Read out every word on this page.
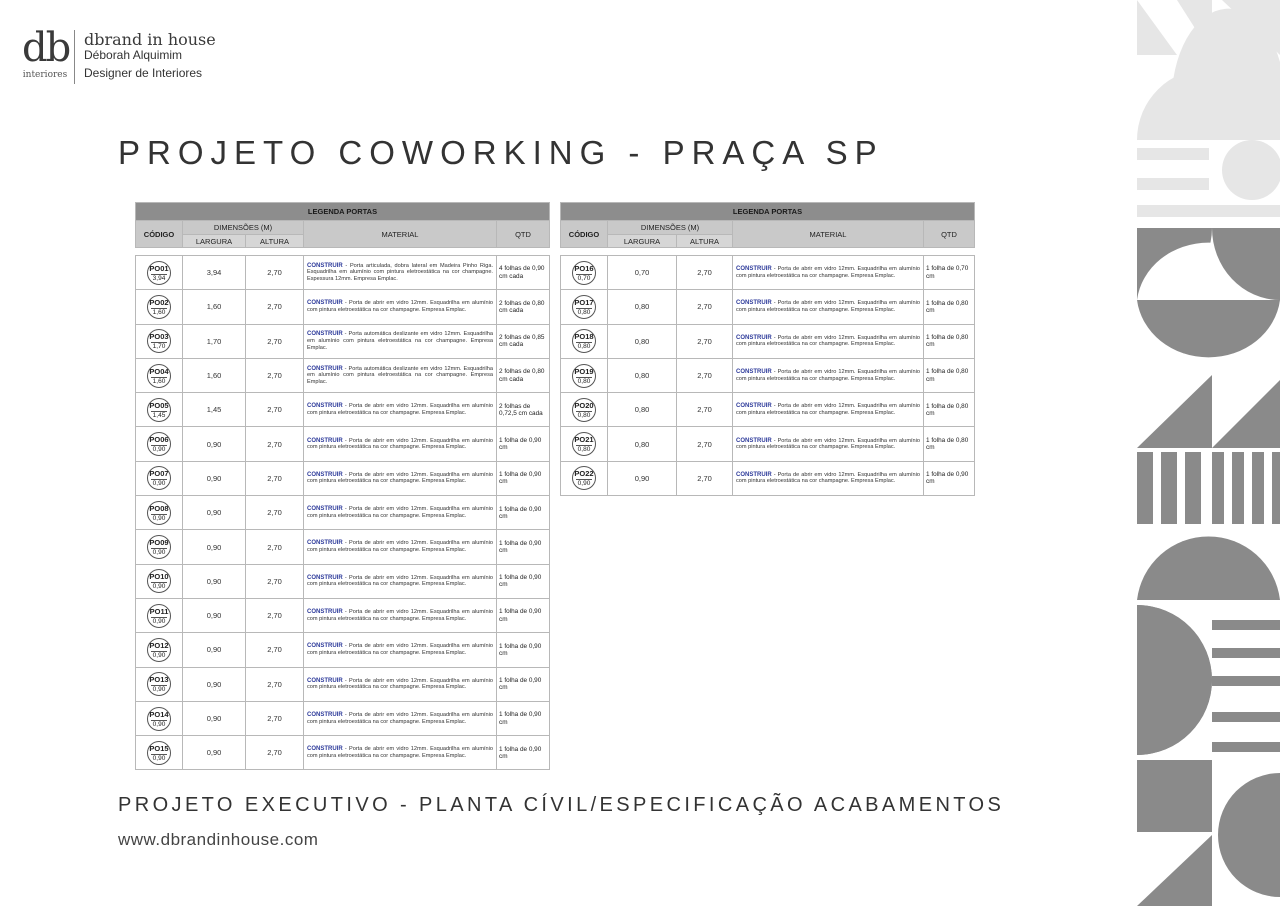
db
interiores
dbrand in house
Déborah Alquimim
Designer de Interiores
PROJETO COWORKING - PRAÇA SP
LEGENDA PORTAS				
CÓDIGO	DIMENSÕES (M)		MATERIAL	QTD
	LARGURA	ALTURA		

$\frac{PO01}{3,94}$	3,94	2,70	CONSTRUIR - Porta articulada, dobra lateral em Madeira Pinho Riga. Esquadrilha em alumínio com pintura eletroestática na cor champagne. Espessura 12mm. Empresa Emplac.	4 folhas de 0,90 cm cada

$\frac{PO02}{1,60}$	1,60	2,70	CONSTRUIR - Porta de abrir em vidro 12mm. Esquadrilha em alumínio com pintura eletroestática na cor champagne. Empresa Emplac.	2 folhas de 0,80 cm cada

$\frac{PO03}{1,70}$	1,70	2,70	CONSTRUIR - Porta automática deslizante em vidro 12mm. Esquadrilha em alumínio com pintura eletroestática na cor champagne. Empresa Emplac.	2 folhas de 0,85 cm cada

$\frac{PO04}{1,60}$	1,60	2,70	CONSTRUIR - Porta automática deslizante em vidro 12mm. Esquadrilha em alumínio com pintura eletroestática na cor champagne. Empresa Emplac.	2 folhas de 0,80 cm cada

$\frac{PO05}{1,45}$	1,45	2,70	CONSTRUIR - Porta de abrir em vidro 12mm. Esquadrilha em alumínio com pintura eletroestática na cor champagne. Empresa Emplac.	2 folhas de 0,72,5 cm cada

$\frac{PO06}{0,90}$	0,90	2,70	CONSTRUIR - Porta de abrir em vidro 12mm. Esquadrilha em alumínio com pintura eletroestática na cor champagne. Empresa Emplac.	1 folha de 0,90 cm

$\frac{PO07}{0,90}$	0,90	2,70	CONSTRUIR - Porta de abrir em vidro 12mm. Esquadrilha em alumínio com pintura eletroestática na cor champagne. Empresa Emplac.	1 folha de 0,90 cm

$\frac{PO08}{0,90}$	0,90	2,70	CONSTRUIR - Porta de abrir em vidro 12mm. Esquadrilha em alumínio com pintura eletroestática na cor champagne. Empresa Emplac.	1 folha de 0,90 cm

$\frac{PO09}{0,90}$	0,90	2,70	CONSTRUIR - Porta de abrir em vidro 12mm. Esquadrilha em alumínio com pintura eletroestática na cor champagne. Empresa Emplac.	1 folha de 0,90 cm

$\frac{PO10}{0,90}$	0,90	2,70	CONSTRUIR - Porta de abrir em vidro 12mm. Esquadrilha em alumínio com pintura eletroestática na cor champagne. Empresa Emplac.	1 folha de 0,90 cm

$\frac{PO11}{0,90}$	0,90	2,70	CONSTRUIR - Porta de abrir em vidro 12mm. Esquadrilha em alumínio com pintura eletroestática na cor champagne. Empresa Emplac.	1 folha de 0,90 cm

$\frac{PO12}{0,90}$	0,90	2,70	CONSTRUIR - Porta de abrir em vidro 12mm. Esquadrilha em alumínio com pintura eletroestática na cor champagne. Empresa Emplac.	1 folha de 0,90 cm

$\frac{PO13}{0,90}$	0,90	2,70	CONSTRUIR - Porta de abrir em vidro 12mm. Esquadrilha em alumínio com pintura eletroestática na cor champagne. Empresa Emplac.	1 folha de 0,90 cm

$\frac{PO14}{0,90}$	0,90	2,70	CONSTRUIR - Porta de abrir em vidro 12mm. Esquadrilha em alumínio com pintura eletroestática na cor champagne. Empresa Emplac.	1 folha de 0,90 cm

$\frac{PO15}{0,90}$	0,90	2,70	CONSTRUIR - Porta de abrir em vidro 12mm. Esquadrilha em alumínio com pintura eletroestática na cor champagne. Empresa Emplac.	1 folha de 0,90 cm
LEGENDA PORTAS				
CÓDIGO	DIMENSÕES (M)		MATERIAL	QTD
	LARGURA	ALTURA		

$\frac{PO16}{0,70}$	0,70	2,70	CONSTRUIR - Porta de abrir em vidro 12mm. Esquadrilha em alumínio com pintura eletroestática na cor champagne. Empresa Emplac.	1 folha de 0,70 cm

$\frac{PO17}{0,80}$	0,80	2,70	CONSTRUIR - Porta de abrir em vidro 12mm. Esquadrilha em alumínio com pintura eletroestática na cor champagne. Empresa Emplac.	1 folha de 0,80 cm

$\frac{PO18}{0,80}$	0,80	2,70	CONSTRUIR - Porta de abrir em vidro 12mm. Esquadrilha em alumínio com pintura eletroestática na cor champagne. Empresa Emplac.	1 folha de 0,80 cm

$\frac{PO19}{0,80}$	0,80	2,70	CONSTRUIR - Porta de abrir em vidro 12mm. Esquadrilha em alumínio com pintura eletroestática na cor champagne. Empresa Emplac.	1 folha de 0,80 cm

$\frac{PO20}{0,80}$	0,80	2,70	CONSTRUIR - Porta de abrir em vidro 12mm. Esquadrilha em alumínio com pintura eletroestática na cor champagne. Empresa Emplac.	1 folha de 0,80 cm

$\frac{PO21}{0,80}$	0,80	2,70	CONSTRUIR - Porta de abrir em vidro 12mm. Esquadrilha em alumínio com pintura eletroestática na cor champagne. Empresa Emplac.	1 folha de 0,80 cm

$\frac{PO22}{0,90}$	0,90	2,70	CONSTRUIR - Porta de abrir em vidro 12mm. Esquadrilha em alumínio com pintura eletroestática na cor champagne. Empresa Emplac.	1 folha de 0,90 cm
PROJETO EXECUTIVO - PLANTA CÍVIL/ESPECIFICAÇÃO ACABAMENTOS
www.dbrandinhouse.com
